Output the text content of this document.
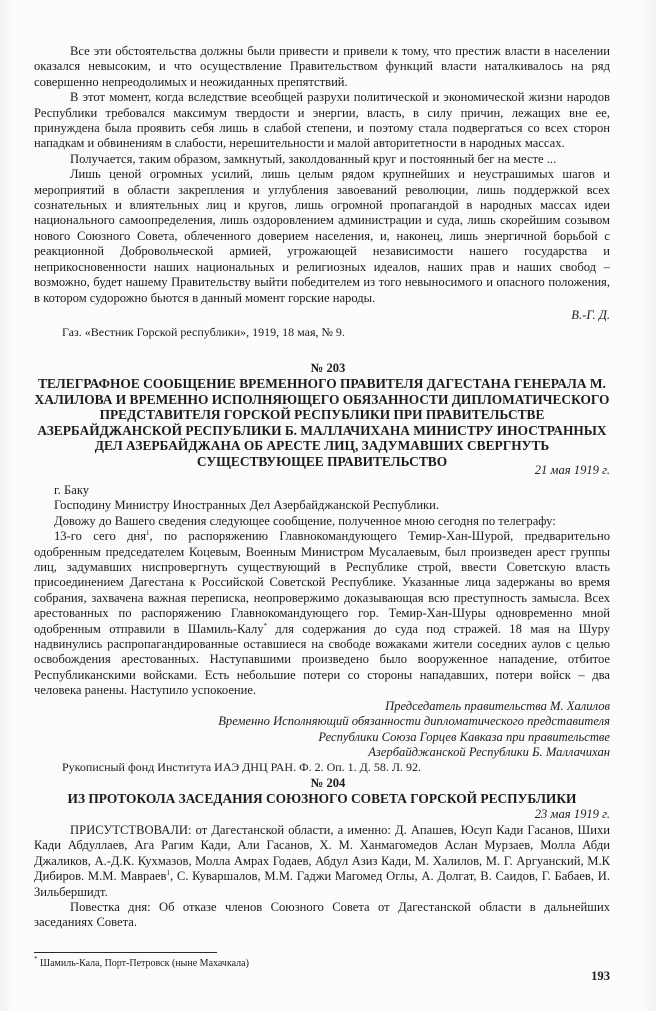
Все эти обстоятельства должны были привести и привели к тому, что престиж власти в населении оказался невысоким, и что осуществление Правительством функций власти наталкивалось на ряд совершенно непреодолимых и неожиданных препятствий.

В этот момент, когда вследствие всеобщей разрухи политической и экономической жизни народов Республики требовался максимум твердости и энергии, власть, в силу причин, лежащих вне ее, принуждена была проявить себя лишь в слабой степени, и поэтому стала подвергаться со всех сторон нападкам и обвинениям в слабости, нерешительности и малой авторитетности в народных массах.

Получается, таким образом, замкнутый, заколдованный круг и постоянный бег на месте ...

Лишь ценой огромных усилий, лишь целым рядом крупнейших и неустрашимых шагов и мероприятий в области закрепления и углубления завоеваний революции, лишь поддержкой всех сознательных и влиятельных лиц и кругов, лишь огромной пропагандой в народных массах идеи национального самоопределения, лишь оздоровлением администрации и суда, лишь скорейшим созывом нового Союзного Совета, облеченного доверием населения, и, наконец, лишь энергичной борьбой с реакционной Добровольческой армией, угрожающей независимости нашего государства и неприкосновенности наших национальных и религиозных идеалов, наших прав и наших свобод – возможно, будет нашему Правительству выйти победителем из того невыносимого и опасного положения, в котором судорожно бьются в данный момент горские народы.

В.-Г. Д.

Газ. «Вестник Горской республики», 1919, 18 мая, № 9.

№ 203
ТЕЛЕГРАФНОЕ СООБЩЕНИЕ ВРЕМЕННОГО ПРАВИТЕЛЯ ДАГЕСТАНА ГЕНЕРАЛА М. ХАЛИЛОВА И ВРЕМЕННО ИСПОЛНЯЮЩЕГО ОБЯЗАННОСТИ ДИПЛОМАТИЧЕСКОГО ПРЕДСТАВИТЕЛЯ ГОРСКОЙ РЕСПУБЛИКИ ПРИ ПРАВИТЕЛЬСТВЕ АЗЕРБАЙДЖАНСКОЙ РЕСПУБЛИКИ Б. МАЛЛАЧИХАНА МИНИСТРУ ИНОСТРАННЫХ ДЕЛ АЗЕРБАЙДЖАНА ОБ АРЕСТЕ ЛИЦ, ЗАДУМАВШИХ СВЕРГНУТЬ СУЩЕСТВУЮЩЕЕ ПРАВИТЕЛЬСТВО
21 мая 1919 г.

г. Баку

Господину Министру Иностранных Дел Азербайджанской Республики.

Довожу до Вашего сведения следующее сообщение, полученное мною сегодня по телеграфу:

13-го сего дня$^1$, по распоряжению Главнокомандующего Темир-Хан-Шурой, предварительно одобренным председателем Коцевым, Военным Министром Мусалаевым, был произведен арест группы лиц, задумавших ниспровергнуть существующий в Республике строй, ввести Советскую власть присоединением Дагестана к Российской Советской Республике. Указанные лица задержаны во время собрания, захвачена важная переписка, неопровержимо доказывающая всю преступность замысла. Всех арестованных по распоряжению Главнокомандующего гор. Темир-Хан-Шуры одновременно мной одобренным отправили в Шамиль-Калу* для содержания до суда под стражей. 18 мая на Шуру надвинулись распропагандированные оставшиеся на свободе вожаками жители соседних аулов с целью освобождения арестованных. Наступавшими произведено было вооруженное нападение, отбитое Республиканскими войсками. Есть небольшие потери со стороны нападавших, потери войск – два человека ранены. Наступило успокоение.

Председатель правительства М. Халилов

Временно Исполняющий обязанности дипломатического представителя

Республики Союза Горцев Кавказа при правительстве

Азербайджанской Республики Б. Маллачихан

Рукописный фонд Института ИАЭ ДНЦ РАН. Ф. 2. Оп. 1. Д. 58. Л. 92.

№ 204
ИЗ ПРОТОКОЛА ЗАСЕДАНИЯ СОЮЗНОГО СОВЕТА ГОРСКОЙ РЕСПУБЛИКИ
23 мая 1919 г.

ПРИСУТСТВОВАЛИ: от Дагестанской области, а именно: Д. Апашев, Юсуп Кади Гасанов, Шихи Кади Абдуллаев, Ага Рагим Кади, Али Гасанов, Х. М. Ханмагомедов Аслан Мурзаев, Молла Абди Джаликов, А.-Д.К. Кухмазов, Молла Амрах Годаев, Абдул Азиз Кади, М. Халилов, М. Г. Аргуанский, М.К Дибиров. М.М. Мавраев$^1$, С. Куваршалов, М.М. Гаджи Магомед Оглы, А. Долгат, В. Саидов, Г. Бабаев, И. Зильбершидт.

Повестка дня: Об отказе членов Союзного Совета от Дагестанской области в дальнейших заседаниях Совета.

* Шамиль-Кала, Порт-Петровск (ныне Махачкала)
193
